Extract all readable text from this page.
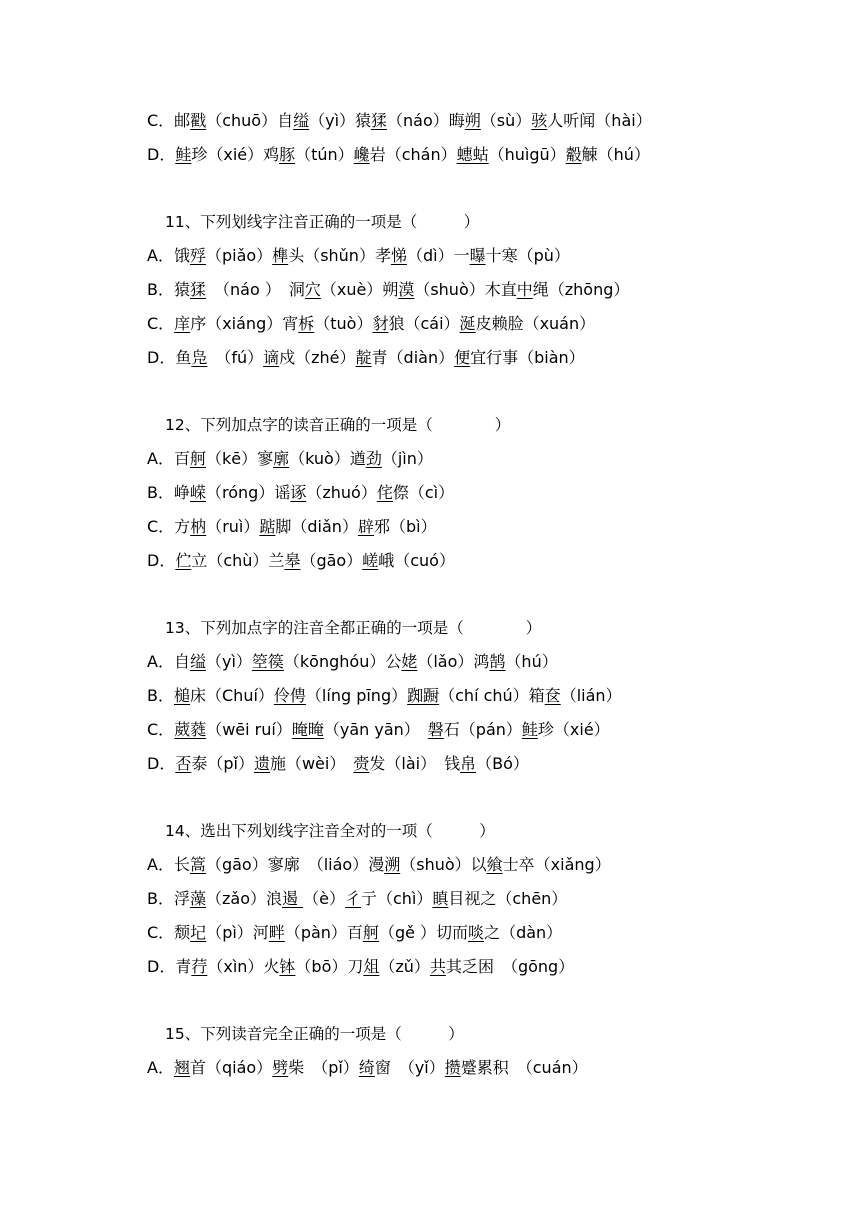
C．邮戳（chuō）自缢（yì）猿猱（náo）晦朔（sù）骇人听闻（hài）
D．鲑珍（xié）鸡豚（tún）巉岩（chán）蟪蛄（huìgū）觳觫（hú）
11、下列划线字注音正确的一项是（　　　）
A．饿殍（piǎo）榫头（shǔn）孝悌（dì）一曝十寒（pù）
B．猿猱　（náo ）　洞穴（xuè）朔漠（shuò）木直中绳（zhōng）
C．庠序（xiáng）宵柝（tuò）豺狼（cái）涎皮赖脸（xuán）
D．鱼凫　（fú）谪戍（zhé）靛青（diàn）便宜行事（biàn）
12、下列加点字的读音正确的一项是（　　　　）
A．百舸（kē）寥廓（kuò）遒劲（jìn）
B．峥嵘（róng）谣诼（zhuó）侘傺（cì）
C．方枘（ruì）踮脚（diǎn）辟邪（bì）
D．伫立（chù）兰皋（gāo）嵯峨（cuó）
13、下列加点字的注音全都正确的一项是（　　　　）
A．自缢（yì）箜篌（kōnghóu）公姥（lǎo）鸿鹄（hú）
B．槌床（Chuí）伶俜（líng pīng）踟蹰（chí chú）箱奁（lián）
C．葳蕤（wēi ruí）晻晻（yān yān）　磐石（pán）鲑珍（xié）
D．否泰（pǐ）遗施（wèi）　赍发（lài）　钱帛（Bó）
14、选出下列划线字注音全对的一项（　　　）
A．长篙（gāo）寥廓　（liáo）漫溯（shuò）以飨士卒（xiǎng）
B．浮藻（zǎo）浪遏 （è）彳亍（chì）瞋目视之（chēn）
C．颓圮（pì）河畔（pàn）百舸（gě ）切而啖之（dàn）
D．青荇（xìn）火钵（bō）刀俎（zǔ）共其乏困　（gōng）
15、下列读音完全正确的一项是（　　　）
A．翘首（qiáo）劈柴　（pǐ）绮窗　（yǐ）攒蹙累积　（cuán）
